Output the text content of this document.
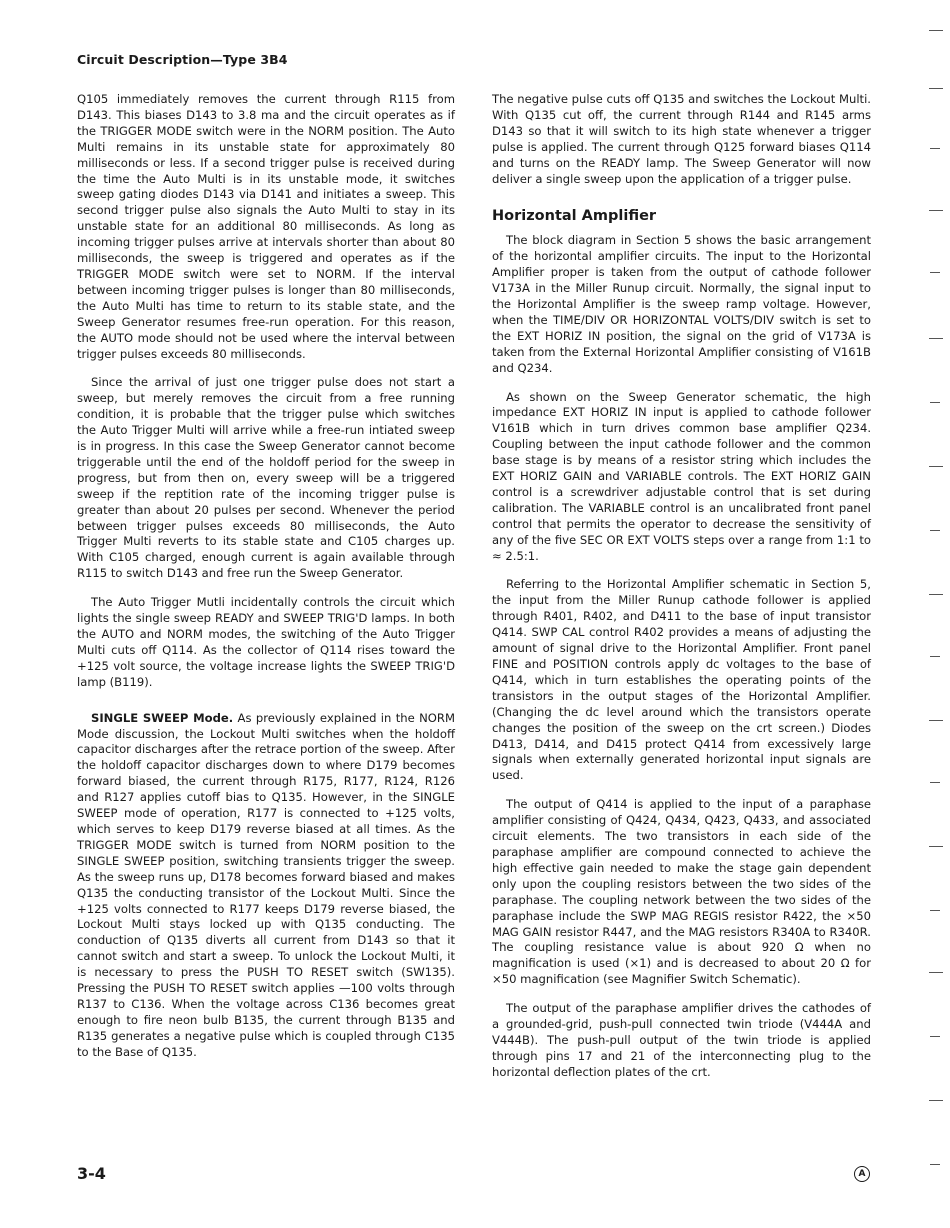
Circuit Description—Type 3B4

Q105 immediately removes the current through R115 from D143. This biases D143 to 3.8 ma and the circuit operates as if the TRIGGER MODE switch were in the NORM position. The Auto Multi remains in its unstable state for approximately 80 milliseconds or less. If a second trigger pulse is received during the time the Auto Multi is in its unstable mode, it switches sweep gating diodes D143 via D141 and initiates a sweep. This second trigger pulse also signals the Auto Multi to stay in its unstable state for an additional 80 milliseconds. As long as incoming trigger pulses arrive at intervals shorter than about 80 milliseconds, the sweep is triggered and operates as if the TRIGGER MODE switch were set to NORM. If the interval between incoming trigger pulses is longer than 80 milliseconds, the Auto Multi has time to return to its stable state, and the Sweep Generator resumes free-run operation. For this reason, the AUTO mode should not be used where the interval between trigger pulses exceeds 80 milliseconds.

Since the arrival of just one trigger pulse does not start a sweep, but merely removes the circuit from a free running condition, it is probable that the trigger pulse which switches the Auto Trigger Multi will arrive while a free-run intiated sweep is in progress. In this case the Sweep Generator cannot become triggerable until the end of the holdoff period for the sweep in progress, but from then on, every sweep will be a triggered sweep if the reptition rate of the incoming trigger pulse is greater than about 20 pulses per second. Whenever the period between trigger pulses exceeds 80 milliseconds, the Auto Trigger Multi reverts to its stable state and C105 charges up. With C105 charged, enough current is again available through R115 to switch D143 and free run the Sweep Generator.

The Auto Trigger Mutli incidentally controls the circuit which lights the single sweep READY and SWEEP TRIG'D lamps. In both the AUTO and NORM modes, the switching of the Auto Trigger Multi cuts off Q114. As the collector of Q114 rises toward the +125 volt source, the voltage increase lights the SWEEP TRIG'D lamp (B119).

SINGLE SWEEP Mode. As previously explained in the NORM Mode discussion, the Lockout Multi switches when the holdoff capacitor discharges after the retrace portion of the sweep. After the holdoff capacitor discharges down to where D179 becomes forward biased, the current through R175, R177, R124, R126 and R127 applies cutoff bias to Q135. However, in the SINGLE SWEEP mode of operation, R177 is connected to +125 volts, which serves to keep D179 reverse biased at all times. As the TRIGGER MODE switch is turned from NORM position to the SINGLE SWEEP position, switching transients trigger the sweep. As the sweep runs up, D178 becomes forward biased and makes Q135 the conducting transistor of the Lockout Multi. Since the +125 volts connected to R177 keeps D179 reverse biased, the Lockout Multi stays locked up with Q135 conducting. The conduction of Q135 diverts all current from D143 so that it cannot switch and start a sweep. To unlock the Lockout Multi, it is necessary to press the PUSH TO RESET switch (SW135). Pressing the PUSH TO RESET switch applies —100 volts through R137 to C136. When the voltage across C136 becomes great enough to fire neon bulb B135, the current through B135 and R135 generates a negative pulse which is coupled through C135 to the Base of Q135.

The negative pulse cuts off Q135 and switches the Lockout Multi. With Q135 cut off, the current through R144 and R145 arms D143 so that it will switch to its high state whenever a trigger pulse is applied. The current through Q125 forward biases Q114 and turns on the READY lamp. The Sweep Generator will now deliver a single sweep upon the application of a trigger pulse.

Horizontal Amplifier

The block diagram in Section 5 shows the basic arrangement of the horizontal amplifier circuits. The input to the Horizontal Amplifier proper is taken from the output of cathode follower V173A in the Miller Runup circuit. Normally, the signal input to the Horizontal Amplifier is the sweep ramp voltage. However, when the TIME/DIV OR HORIZONTAL VOLTS/DIV switch is set to the EXT HORIZ IN position, the signal on the grid of V173A is taken from the External Horizontal Amplifier consisting of V161B and Q234.

As shown on the Sweep Generator schematic, the high impedance EXT HORIZ IN input is applied to cathode follower V161B which in turn drives common base amplifier Q234. Coupling between the input cathode follower and the common base stage is by means of a resistor string which includes the EXT HORIZ GAIN and VARIABLE controls. The EXT HORIZ GAIN control is a screwdriver adjustable control that is set during calibration. The VARIABLE control is an uncalibrated front panel control that permits the operator to decrease the sensitivity of any of the five SEC OR EXT VOLTS steps over a range from 1:1 to ≈ 2.5:1.

Referring to the Horizontal Amplifier schematic in Section 5, the input from the Miller Runup cathode follower is applied through R401, R402, and D411 to the base of input transistor Q414. SWP CAL control R402 provides a means of adjusting the amount of signal drive to the Horizontal Amplifier. Front panel FINE and POSITION controls apply dc voltages to the base of Q414, which in turn establishes the operating points of the transistors in the output stages of the Horizontal Amplifier. (Changing the dc level around which the transistors operate changes the position of the sweep on the crt screen.) Diodes D413, D414, and D415 protect Q414 from excessively large signals when externally generated horizontal input signals are used.

The output of Q414 is applied to the input of a paraphase amplifier consisting of Q424, Q434, Q423, Q433, and associated circuit elements. The two transistors in each side of the paraphase amplifier are compound connected to achieve the high effective gain needed to make the stage gain dependent only upon the coupling resistors between the two sides of the paraphase. The coupling network between the two sides of the paraphase include the SWP MAG REGIS resistor R422, the ×50 MAG GAIN resistor R447, and the MAG resistors R340A to R340R. The coupling resistance value is about 920 Ω when no magnification is used (×1) and is decreased to about 20 Ω for ×50 magnification (see Magnifier Switch Schematic).

The output of the paraphase amplifier drives the cathodes of a grounded-grid, push-pull connected twin triode (V444A and V444B). The push-pull output of the twin triode is applied through pins 17 and 21 of the interconnecting plug to the horizontal deflection plates of the crt.

3-4	A
